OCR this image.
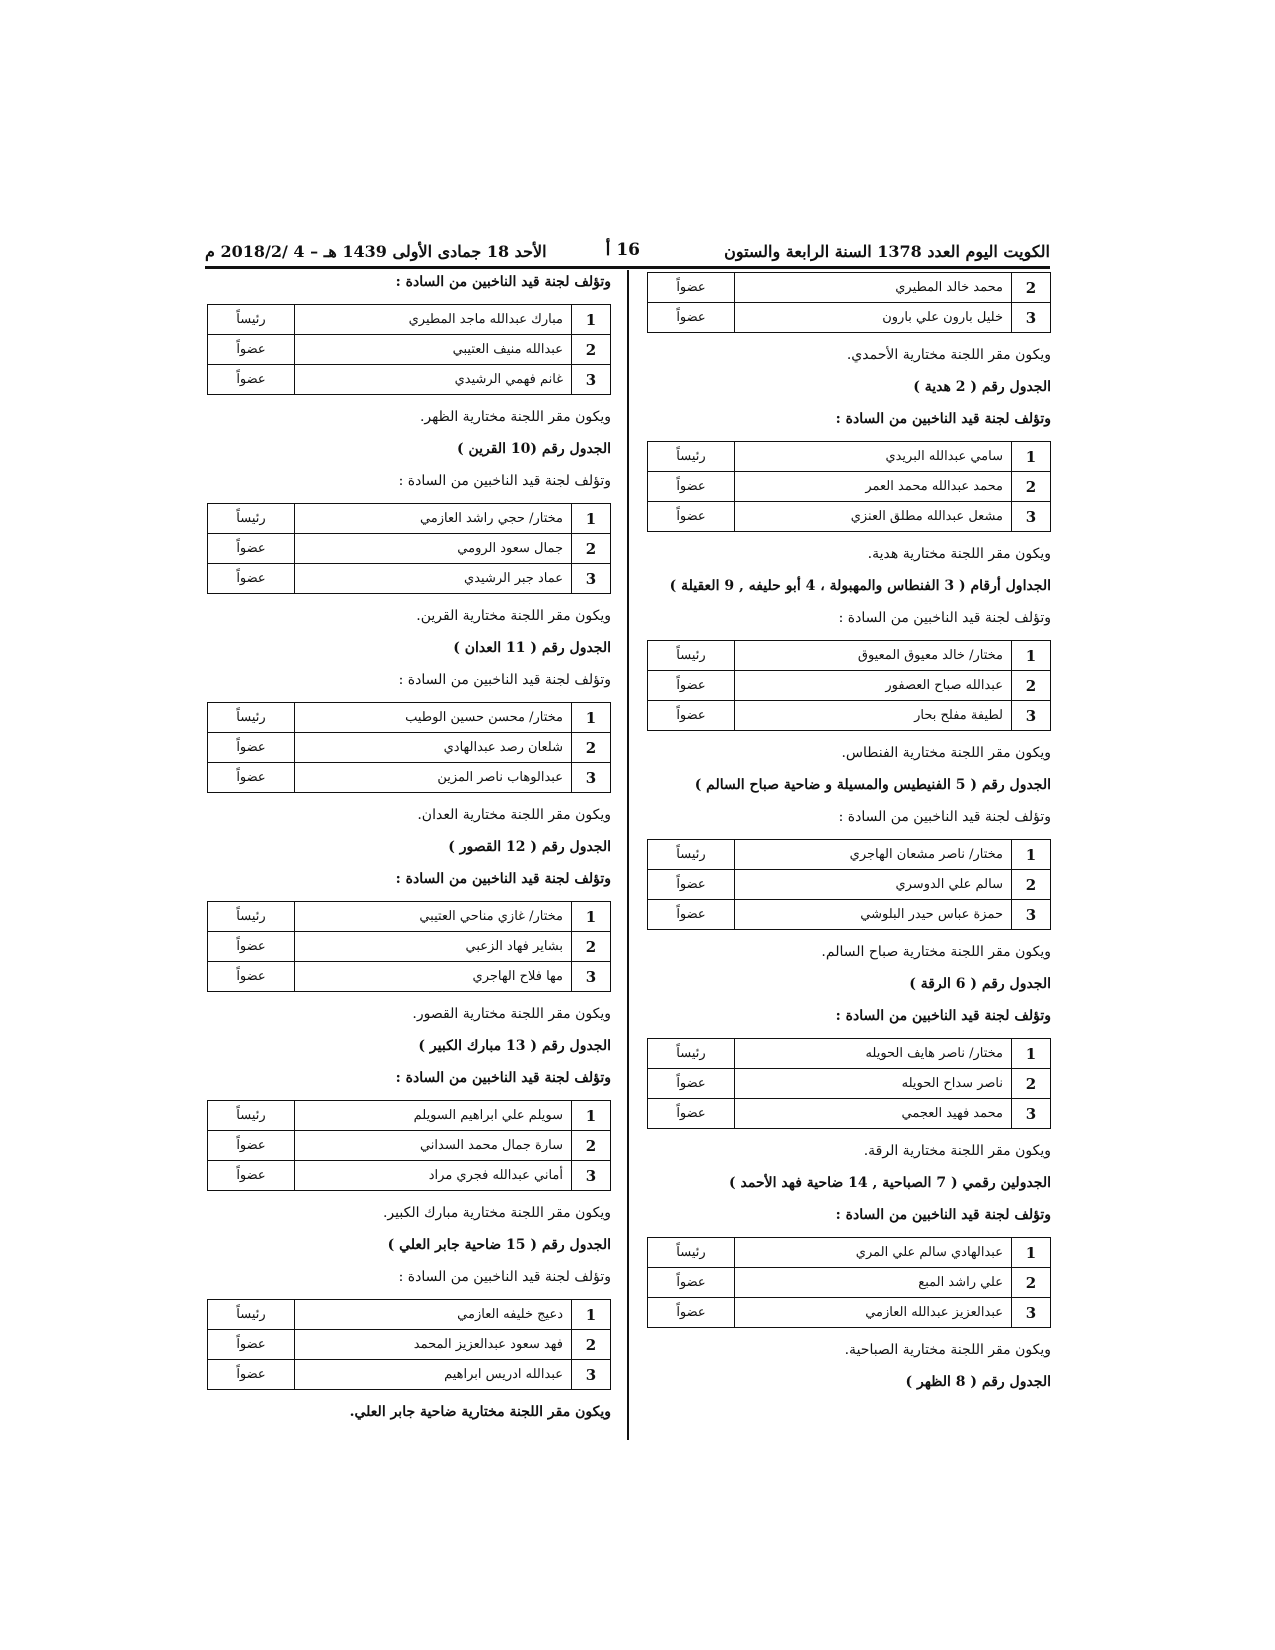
الكويت اليوم العدد 1378 السنة الرابعة والستون
16 أ
الأحد 18 جمادى الأولى 1439 هـ – 4 /2018/2 م
2	محمد خالد المطيري	عضواً
3	خليل بارون علي بارون	عضواً

ويكون مقر اللجنة مختارية الأحمدي.

الجدول رقم ( 2 هدية )

وتؤلف لجنة قيد الناخبين من السادة :

1	سامي عبدالله البريدي	رئيساً
2	محمد عبدالله محمد العمر	عضواً
3	مشعل عبدالله مطلق العنزي	عضواً

ويكون مقر اللجنة مختارية هدية.

الجداول أرقام ( 3 الفنطاس والمهبولة ، 4 أبو حليفه , 9 العقيلة )

وتؤلف لجنة قيد الناخبين من السادة :

1	مختار/ خالد معيوق المعيوق	رئيساً
2	عبدالله صباح العصفور	عضواً
3	لطيفة مفلح بحار	عضواً

ويكون مقر اللجنة مختارية الفنطاس.

الجدول رقم ( 5 الفنيطيس والمسيلة و ضاحية صباح السالم )

وتؤلف لجنة قيد الناخبين من السادة :

1	مختار/ ناصر مشعان الهاجري	رئيساً
2	سالم علي الدوسري	عضواً
3	حمزة عباس حيدر البلوشي	عضواً

ويكون مقر اللجنة مختارية صباح السالم.

الجدول رقم ( 6 الرقة )

وتؤلف لجنة قيد الناخبين من السادة :

1	مختار/ ناصر هايف الحويله	رئيساً
2	ناصر سداح الحويله	عضواً
3	محمد فهيد العجمي	عضواً

ويكون مقر اللجنة مختارية الرقة.

الجدولين رقمي ( 7 الصباحية , 14 ضاحية فهد الأحمد )

وتؤلف لجنة قيد الناخبين من السادة :

1	عبدالهادي سالم علي المري	رئيساً
2	علي راشد المبع	عضواً
3	عبدالعزيز عبدالله العازمي	عضواً

ويكون مقر اللجنة مختارية الصباحية.

الجدول رقم ( 8 الظهر )

وتؤلف لجنة قيد الناخبين من السادة :

1	مبارك عبدالله ماجد المطيري	رئيساً
2	عبدالله منيف العتيبي	عضواً
3	غانم فهمي الرشيدي	عضواً

ويكون مقر اللجنة مختارية الظهر.

الجدول رقم (10 القرين )

وتؤلف لجنة قيد الناخبين من السادة :

1	مختار/ حجي راشد العازمي	رئيساً
2	جمال سعود الرومي	عضواً
3	عماد جبر الرشيدي	عضواً

ويكون مقر اللجنة مختارية القرين.

الجدول رقم ( 11 العدان )

وتؤلف لجنة قيد الناخبين من السادة :

1	مختار/ محسن حسين الوطيب	رئيساً
2	شلعان رصد عبدالهادي	عضواً
3	عبدالوهاب ناصر المزين	عضواً

ويكون مقر اللجنة مختارية العدان.

الجدول رقم ( 12 القصور )

وتؤلف لجنة قيد الناخبين من السادة :

1	مختار/ غازي مناحي العتيبي	رئيساً
2	بشاير فهاد الزعبي	عضواً
3	مها فلاح الهاجري	عضواً

ويكون مقر اللجنة مختارية القصور.

الجدول رقم ( 13 مبارك الكبير )

وتؤلف لجنة قيد الناخبين من السادة :

1	سويلم علي ابراهيم السويلم	رئيساً
2	سارة جمال محمد السداني	عضواً
3	أماني عبدالله فجري مراد	عضواً

ويكون مقر اللجنة مختارية مبارك الكبير.

الجدول رقم ( 15 ضاحية جابر العلي )

وتؤلف لجنة قيد الناخبين من السادة :

1	دعيج خليفه العازمي	رئيساً
2	فهد سعود عبدالعزيز المحمد	عضواً
3	عبدالله ادريس ابراهيم	عضواً

ويكون مقر اللجنة مختارية ضاحية جابر العلي.
